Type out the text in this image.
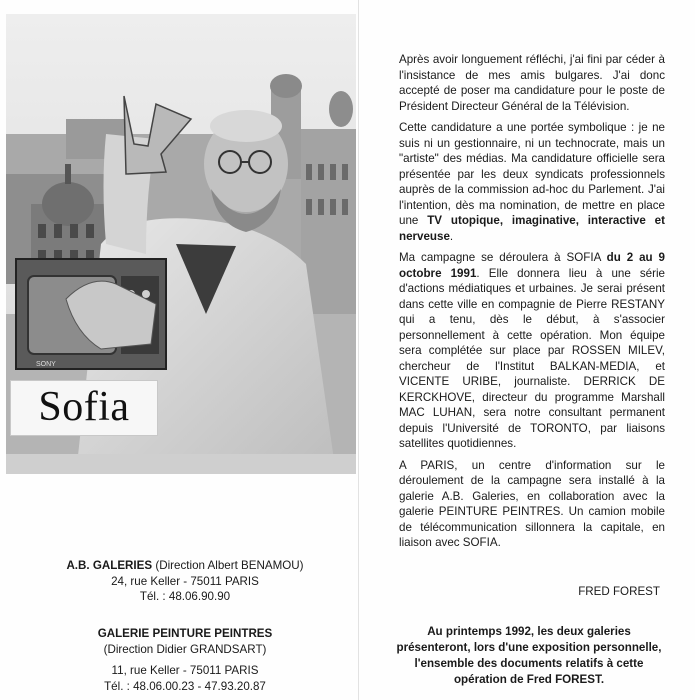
SONY
Sofia
A.B. GALERIES (Direction Albert BENAMOU)
24, rue Keller - 75011 PARIS
Tél. : 48.06.90.90
GALERIE PEINTURE PEINTRES
(Direction Didier GRANDSART)
11, rue Keller - 75011 PARIS
Tél. : 48.06.00.23 - 47.93.20.87

Après avoir longuement réfléchi, j'ai fini par céder à l'insistance de mes amis bulgares. J'ai donc accepté de poser ma candidature pour le poste de Président Directeur Général de la Télévision.

Cette candidature a une portée symbolique : je ne suis ni un gestionnaire, ni un technocrate, mais un "artiste" des médias. Ma candidature officielle sera présentée par les deux syndicats professionnels auprès de la commission ad-hoc du Parlement. J'ai l'intention, dès ma nomination, de mettre en place une TV utopique, imaginative, interactive et nerveuse.

Ma campagne se déroulera à SOFIA du 2 au 9 octobre 1991. Elle donnera lieu à une série d'actions médiatiques et urbaines. Je serai présent dans cette ville en compagnie de Pierre RESTANY qui a tenu, dès le début, à s'associer personnellement à cette opération. Mon équipe sera complétée sur place par ROSSEN MILEV, chercheur de l'Institut BALKAN-MEDIA, et VICENTE URIBE, journaliste. DERRICK DE KERCKHOVE, directeur du programme Marshall MAC LUHAN, sera notre consultant permanent depuis l'Université de TORONTO, par liaisons satellites quotidiennes.

A PARIS, un centre d'information sur le déroulement de la campagne sera installé à la galerie A.B. Galeries, en collaboration avec la galerie PEINTURE PEINTRES. Un camion mobile de télécommunication sillonnera la capitale, en liaison avec SOFIA.

FRED FOREST
Au printemps 1992, les deux galeries présenteront, lors d'une exposition personnelle, l'ensemble des documents relatifs à cette opération de Fred FOREST.
